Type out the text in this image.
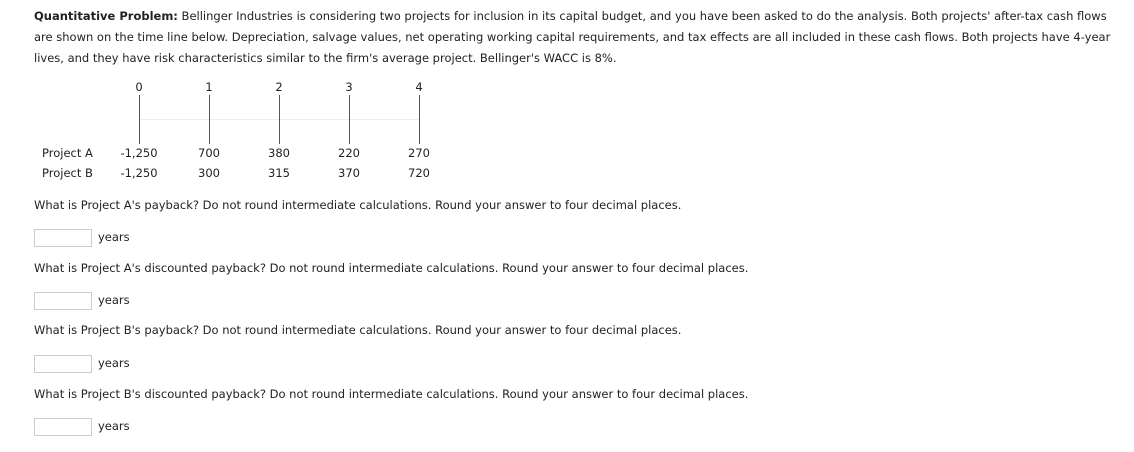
Quantitative Problem: Bellinger Industries is considering two projects for inclusion in its capital budget, and you have been asked to do the analysis. Both projects' after-tax cash flows are shown on the time line below. Depreciation, salvage values, net operating working capital requirements, and tax effects are all included in these cash flows. Both projects have 4-year lives, and they have risk characteristics similar to the firm's average project. Bellinger's WACC is 8%.

0	1	2	3	4
Project A	-1,250	700	380	220	270
Project B	-1,250	300	315	370	720

What is Project A's payback? Do not round intermediate calculations. Round your answer to four decimal places.

years

What is Project A's discounted payback? Do not round intermediate calculations. Round your answer to four decimal places.

years

What is Project B's payback? Do not round intermediate calculations. Round your answer to four decimal places.

years

What is Project B's discounted payback? Do not round intermediate calculations. Round your answer to four decimal places.

years
